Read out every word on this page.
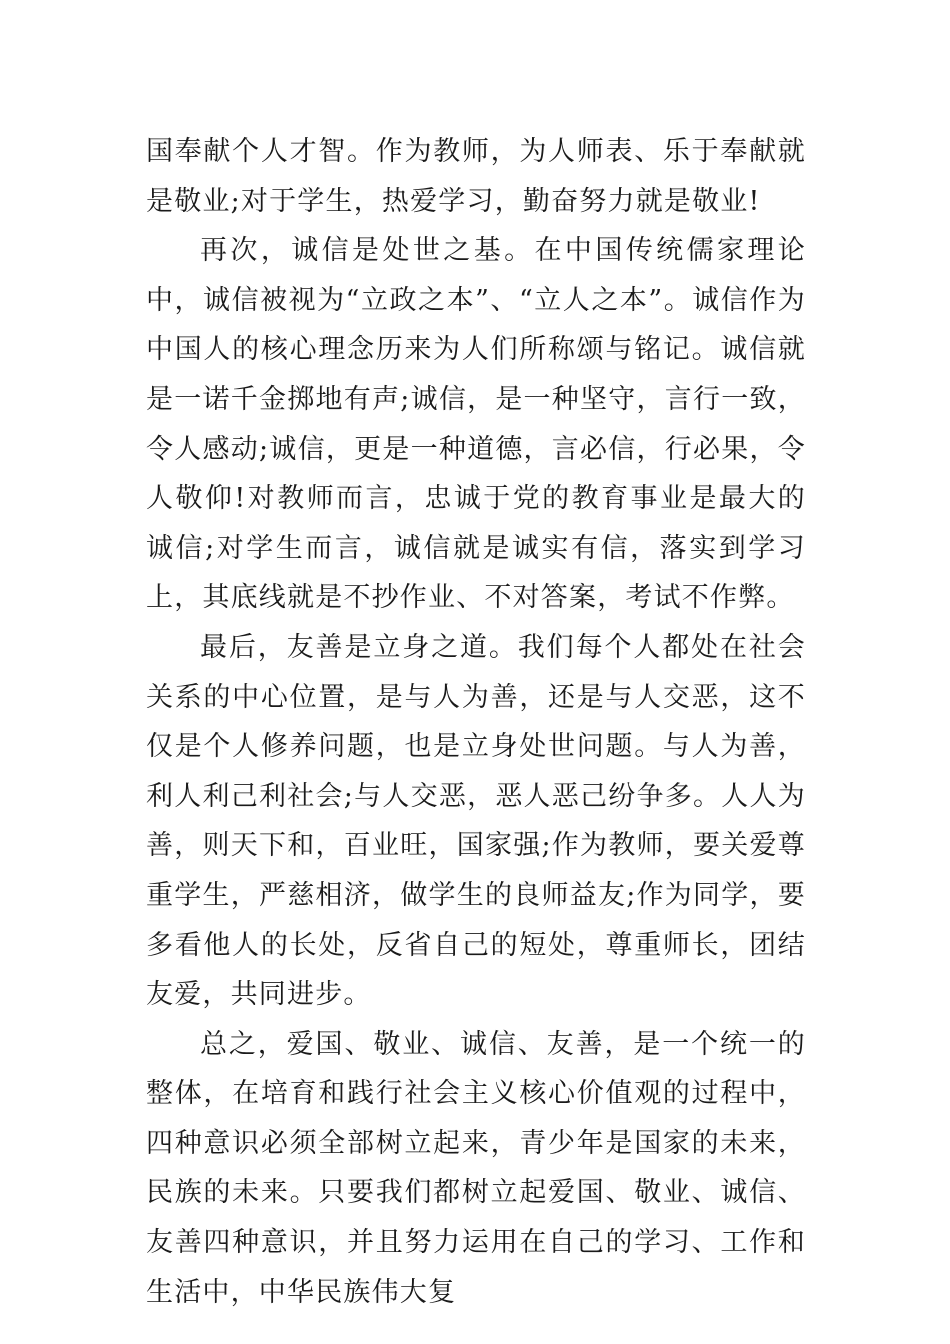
国奉献个人才智。作为教师，为人师表、乐于奉献就是敬业;对于学生，热爱学习，勤奋努力就是敬业!

再次，诚信是处世之基。在中国传统儒家理论中，诚信被视为“立政之本”、“立人之本”。诚信作为中国人的核心理念历来为人们所称颂与铭记。诚信就是一诺千金掷地有声;诚信，是一种坚守，言行一致，令人感动;诚信，更是一种道德，言必信，行必果，令人敬仰!对教师而言，忠诚于党的教育事业是最大的诚信;对学生而言，诚信就是诚实有信，落实到学习上，其底线就是不抄作业、不对答案，考试不作弊。

最后，友善是立身之道。我们每个人都处在社会关系的中心位置，是与人为善，还是与人交恶，这不仅是个人修养问题，也是立身处世问题。与人为善，利人利己利社会;与人交恶，恶人恶己纷争多。人人为善，则天下和，百业旺，国家强;作为教师，要关爱尊重学生，严慈相济，做学生的良师益友;作为同学，要多看他人的长处，反省自己的短处，尊重师长，团结友爱，共同进步。

总之，爱国、敬业、诚信、友善，是一个统一的整体，在培育和践行社会主义核心价值观的过程中，四种意识必须全部树立起来，青少年是国家的未来，民族的未来。只要我们都树立起爱国、敬业、诚信、友善四种意识，并且努力运用在自己的学习、工作和生活中，中华民族伟大复
